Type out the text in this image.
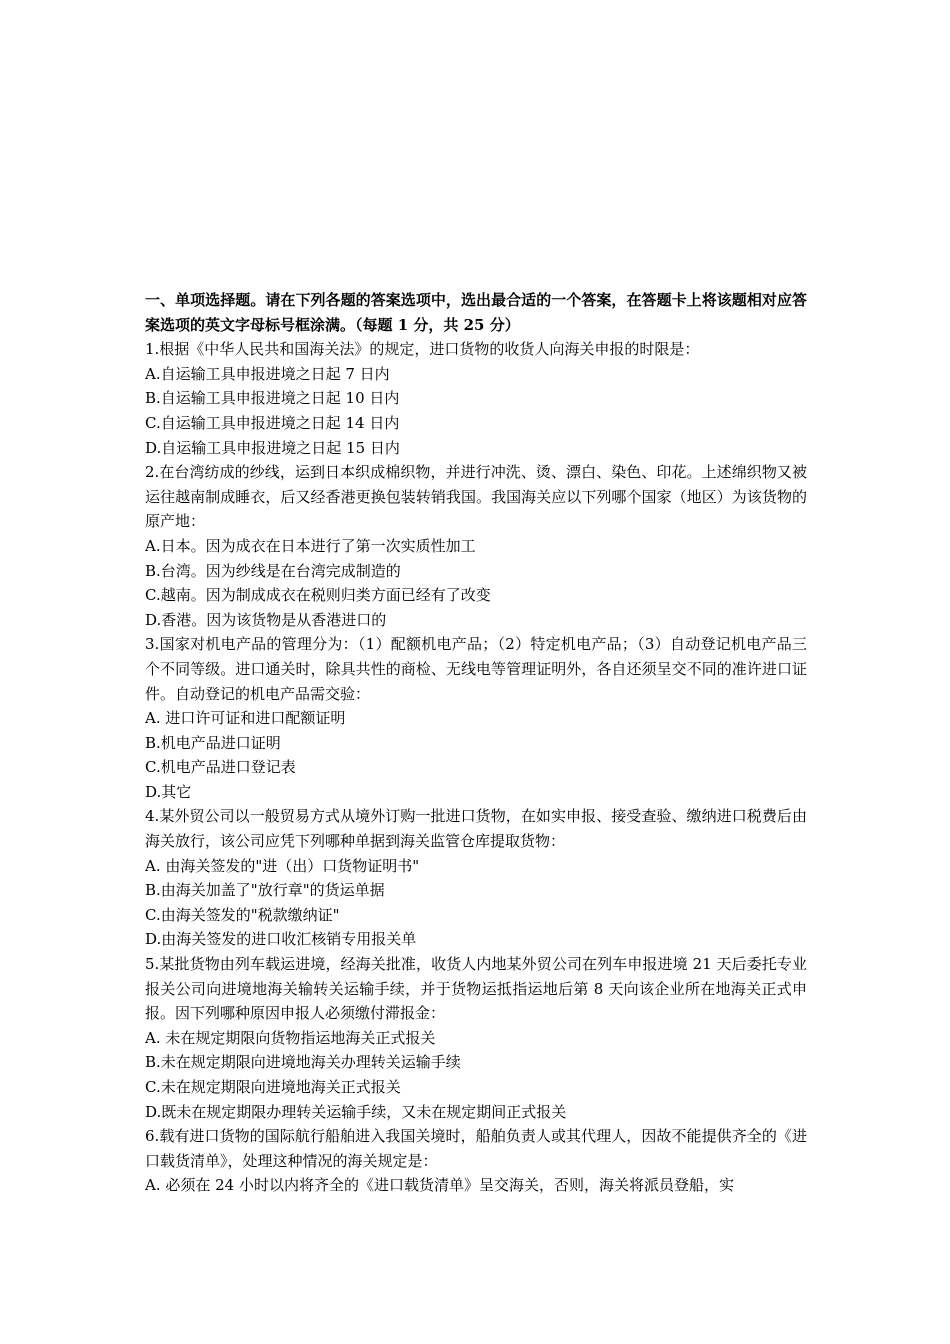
一、单项选择题。请在下列各题的答案选项中，选出最合适的一个答案，在答题卡上将该题相对应答案选项的英文字母标号框涂满。（每题 1 分，共 25 分）

1.根据《中华人民共和国海关法》的规定，进口货物的收货人向海关申报的时限是：

A.自运输工具申报进境之日起 7 日内

B.自运输工具申报进境之日起 10 日内

C.自运输工具申报进境之日起 14 日内

D.自运输工具申报进境之日起 15 日内

2.在台湾纺成的纱线，运到日本织成棉织物，并进行冲洗、烫、漂白、染色、印花。上述绵织物又被运往越南制成睡衣，后又经香港更换包装转销我国。我国海关应以下列哪个国家（地区）为该货物的原产地：

A.日本。因为成衣在日本进行了第一次实质性加工

B.台湾。因为纱线是在台湾完成制造的

C.越南。因为制成成衣在税则归类方面已经有了改变

D.香港。因为该货物是从香港进口的

3.国家对机电产品的管理分为：（1）配额机电产品；（2）特定机电产品；（3）自动登记机电产品三个不同等级。进口通关时，除具共性的商检、无线电等管理证明外，各自还须呈交不同的准许进口证件。自动登记的机电产品需交验：

A. 进口许可证和进口配额证明

B.机电产品进口证明

C.机电产品进口登记表

D.其它

4.某外贸公司以一般贸易方式从境外订购一批进口货物，在如实申报、接受查验、缴纳进口税费后由海关放行，该公司应凭下列哪种单据到海关监管仓库提取货物：

A. 由海关签发的"进（出）口货物证明书"

B.由海关加盖了"放行章"的货运单据

C.由海关签发的"税款缴纳证"

D.由海关签发的进口收汇核销专用报关单

5.某批货物由列车载运进境，经海关批准，收货人内地某外贸公司在列车申报进境 21 天后委托专业报关公司向进境地海关输转关运输手续，并于货物运抵指运地后第 8 天向该企业所在地海关正式申报。因下列哪种原因申报人必须缴付滞报金：

A. 未在规定期限向货物指运地海关正式报关

B.未在规定期限向进境地海关办理转关运输手续

C.未在规定期限向进境地海关正式报关

D.既未在规定期限办理转关运输手续，又未在规定期间正式报关

6.载有进口货物的国际航行船舶进入我国关境时，船舶负责人或其代理人，因故不能提供齐全的《进口载货清单》，处理这种情况的海关规定是：

A. 必须在 24 小时以内将齐全的《进口载货清单》呈交海关，否则，海关将派员登船，实
